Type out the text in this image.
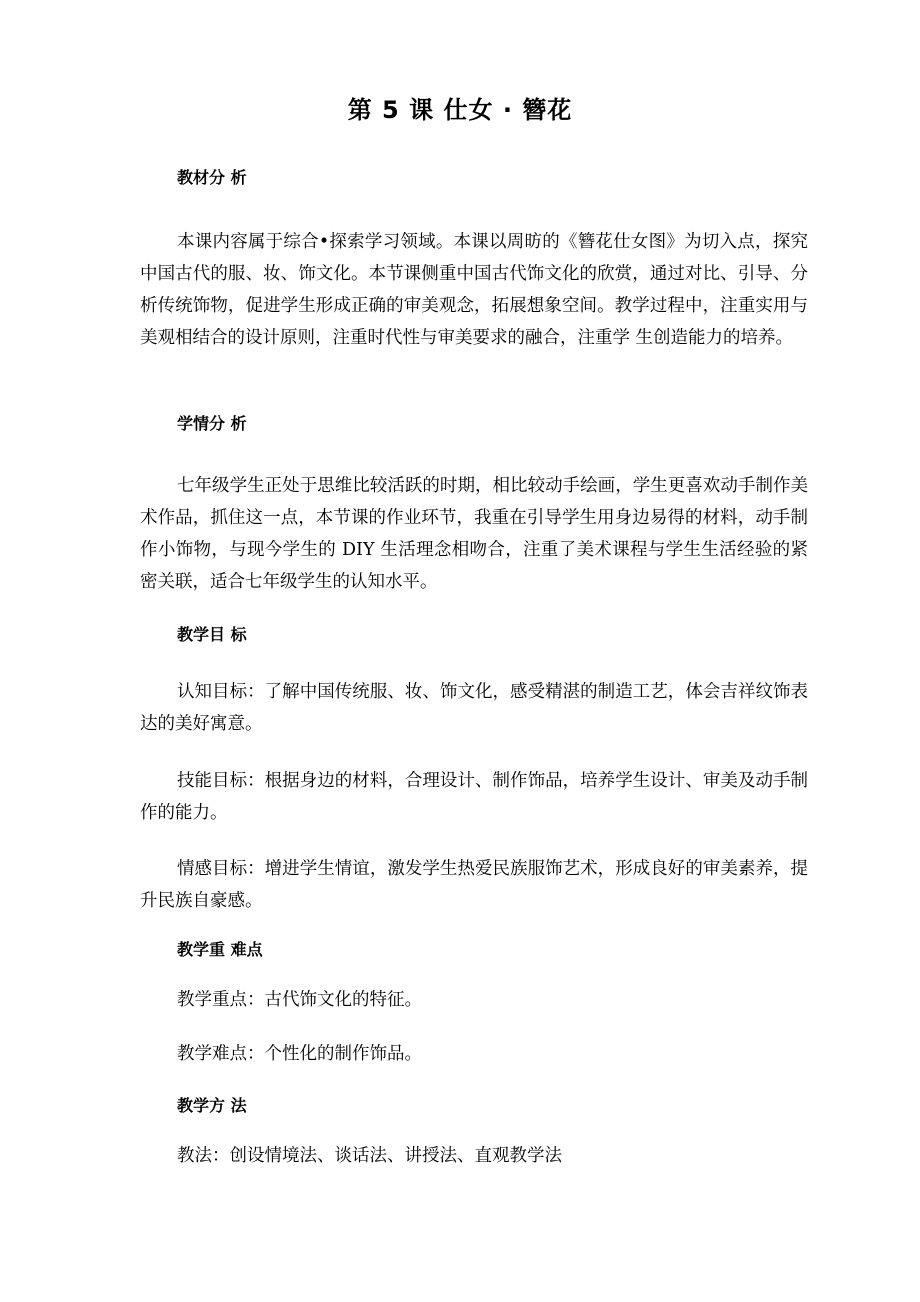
第 5 课 仕女 · 簪花
教材分 析
本课内容属于综合•探索学习领域。本课以周昉的《簪花仕女图》为切入点，探究中国古代的服、妆、饰文化。本节课侧重中国古代饰文化的欣赏，通过对比、引导、分析传统饰物，促进学生形成正确的审美观念，拓展想象空间。教学过程中，注重实用与美观相结合的设计原则，注重时代性与审美要求的融合，注重学 生创造能力的培养。
学情分 析
七年级学生正处于思维比较活跃的时期，相比较动手绘画，学生更喜欢动手制作美术作品，抓住这一点，本节课的作业环节，我重在引导学生用身边易得的材料，动手制作小饰物，与现今学生的 DIY 生活理念相吻合，注重了美术课程与学生生活经验的紧密关联，适合七年级学生的认知水平。
教学目 标
认知目标：了解中国传统服、妆、饰文化，感受精湛的制造工艺，体会吉祥纹饰表达的美好寓意。
技能目标：根据身边的材料，合理设计、制作饰品，培养学生设计、审美及动手制作的能力。
情感目标：增进学生情谊，激发学生热爱民族服饰艺术，形成良好的审美素养，提升民族自豪感。
教学重 难点
教学重点：古代饰文化的特征。
教学难点：个性化的制作饰品。
教学方 法
教法：创设情境法、谈话法、讲授法、直观教学法
